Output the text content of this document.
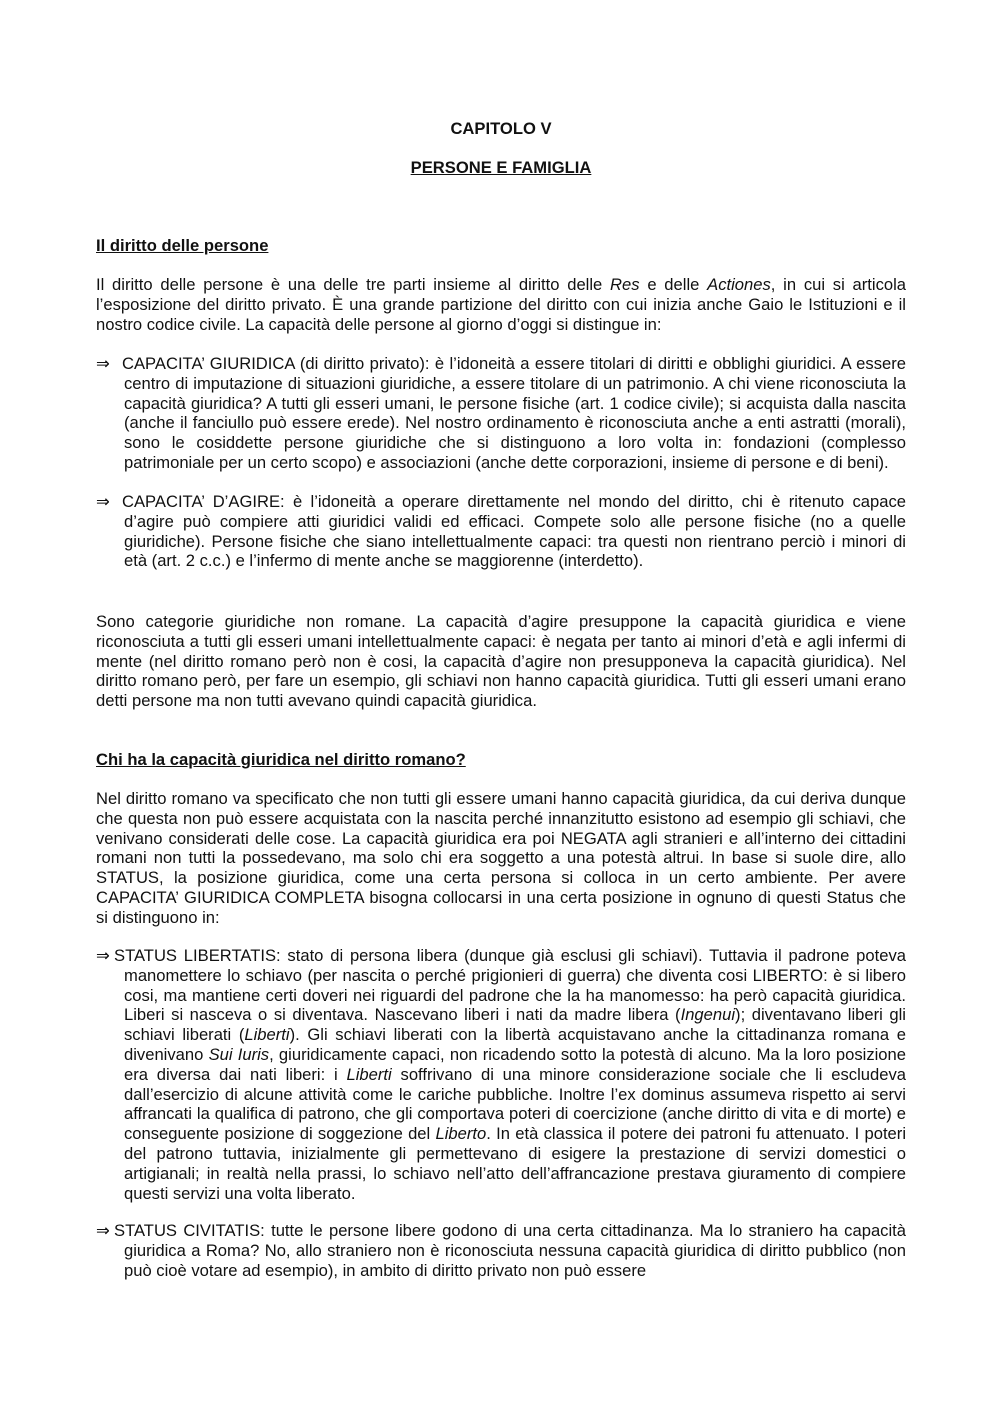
CAPITOLO V

PERSONE E FAMIGLIA

Il diritto delle persone

Il diritto delle persone è una delle tre parti insieme al diritto delle Res e delle Actiones, in cui si articola l’esposizione del diritto privato. È una grande partizione del diritto con cui inizia anche Gaio le Istituzioni e il nostro codice civile. La capacità delle persone al giorno d’oggi si distingue in:

⇒ CAPACITA’ GIURIDICA (di diritto privato): è l’idoneità a essere titolari di diritti e obblighi giuridici. A essere centro di imputazione di situazioni giuridiche, a essere titolare di un patrimonio. A chi viene riconosciuta la capacità giuridica? A tutti gli esseri umani, le persone fisiche (art. 1 codice civile); si acquista dalla nascita (anche il fanciullo può essere erede). Nel nostro ordinamento è riconosciuta anche a enti astratti (morali), sono le cosiddette persone giuridiche che si distinguono a loro volta in: fondazioni (complesso patrimoniale per un certo scopo) e associazioni (anche dette corporazioni, insieme di persone e di beni).

⇒ CAPACITA’ D’AGIRE: è l’idoneità a operare direttamente nel mondo del diritto, chi è ritenuto capace d’agire può compiere atti giuridici validi ed efficaci. Compete solo alle persone fisiche (no a quelle giuridiche). Persone fisiche che siano intellettualmente capaci: tra questi non rientrano perciò i minori di età (art. 2 c.c.) e l’infermo di mente anche se maggiorenne (interdetto).

Sono categorie giuridiche non romane. La capacità d’agire presuppone la capacità giuridica e viene riconosciuta a tutti gli esseri umani intellettualmente capaci: è negata per tanto ai minori d’età e agli infermi di mente (nel diritto romano però non è cosi, la capacità d’agire non presupponeva la capacità giuridica). Nel diritto romano però, per fare un esempio, gli schiavi non hanno capacità giuridica. Tutti gli esseri umani erano detti persone ma non tutti avevano quindi capacità giuridica.

Chi ha la capacità giuridica nel diritto romano?

Nel diritto romano va specificato che non tutti gli essere umani hanno capacità giuridica, da cui deriva dunque che questa non può essere acquistata con la nascita perché innanzitutto esistono ad esempio gli schiavi, che venivano considerati delle cose. La capacità giuridica era poi NEGATA agli stranieri e all’interno dei cittadini romani non tutti la possedevano, ma solo chi era soggetto a una potestà altrui. In base si suole dire, allo STATUS, la posizione giuridica, come una certa persona si colloca in un certo ambiente. Per avere CAPACITA’ GIURIDICA COMPLETA bisogna collocarsi in una certa posizione in ognuno di questi Status che si distinguono in:

⇒ STATUS LIBERTATIS: stato di persona libera (dunque già esclusi gli schiavi). Tuttavia il padrone poteva manomettere lo schiavo (per nascita o perché prigionieri di guerra) che diventa cosi LIBERTO: è si libero cosi, ma mantiene certi doveri nei riguardi del padrone che la ha manomesso: ha però capacità giuridica. Liberi si nasceva o si diventava. Nascevano liberi i nati da madre libera (Ingenui); diventavano liberi gli schiavi liberati (Liberti). Gli schiavi liberati con la libertà acquistavano anche la cittadinanza romana e divenivano Sui Iuris, giuridicamente capaci, non ricadendo sotto la potestà di alcuno. Ma la loro posizione era diversa dai nati liberi: i Liberti soffrivano di una minore considerazione sociale che li escludeva dall’esercizio di alcune attività come le cariche pubbliche. Inoltre l’ex dominus assumeva rispetto ai servi affrancati la qualifica di patrono, che gli comportava poteri di coercizione (anche diritto di vita e di morte) e conseguente posizione di soggezione del Liberto. In età classica il potere dei patroni fu attenuato. I poteri del patrono tuttavia, inizialmente gli permettevano di esigere la prestazione di servizi domestici o artigianali; in realtà nella prassi, lo schiavo nell’atto dell’affrancazione prestava giuramento di compiere questi servizi una volta liberato.

⇒ STATUS CIVITATIS: tutte le persone libere godono di una certa cittadinanza. Ma lo straniero ha capacità giuridica a Roma? No, allo straniero non è riconosciuta nessuna capacità giuridica di diritto pubblico (non può cioè votare ad esempio), in ambito di diritto privato non può essere
